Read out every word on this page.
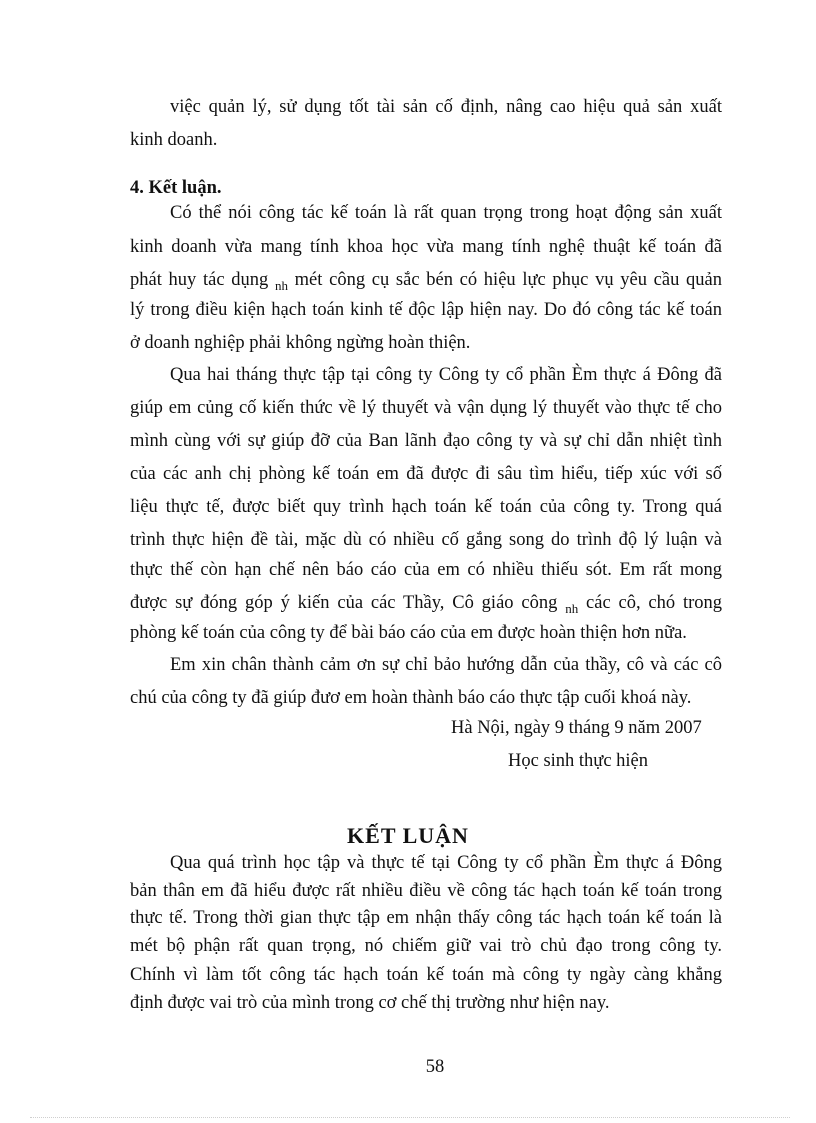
việc quản lý, sử dụng tốt tài sản cố định, nâng cao hiệu quả sản xuất
kinh doanh.
4. Kết luận.
Có thể nói công tác kế toán là rất quan trọng trong hoạt động sản xuất
kinh doanh vừa mang tính khoa học vừa mang tính nghệ thuật kế toán đã
phát huy tác dụng $_{nh}$ mét công cụ sắc bén có hiệu lực phục vụ yêu cầu quản
lý trong điều kiện hạch toán kinh tế độc lập hiện nay. Do đó công tác kế toán
ở doanh nghiệp phải không ngừng hoàn thiện.
Qua hai tháng thực tập tại công ty Công ty cổ phần Èm thực á Đông đã
giúp em củng cố kiến thức về lý thuyết và vận dụng lý thuyết vào thực tế cho
mình cùng với sự giúp đỡ của Ban lãnh đạo công ty và sự chỉ dẫn nhiệt tình
của các anh chị phòng kế toán em đã được đi sâu tìm hiểu, tiếp xúc với số
liệu thực tế, được biết quy trình hạch toán kế toán của công ty. Trong quá
trình thực hiện đề tài, mặc dù có nhiều cố gắng song do trình độ lý luận và
thực thế còn hạn chế nên báo cáo của em có nhiều thiếu sót. Em rất mong
được sự đóng góp ý kiến của các Thầy, Cô giáo công $_{nh}$ các cô, chó trong
phòng kế toán của công ty để bài báo cáo của em được hoàn thiện hơn nữa.
Em xin chân thành cảm ơn sự chỉ bảo hướng dẫn của thầy, cô và các cô
chú của công ty đã giúp đươ em hoàn thành báo cáo thực tập cuối khoá này.
Hà Nội, ngày 9 tháng 9 năm 2007
Học sinh thực hiện
KẾT LUẬN
Qua quá trình học tập và thực tế tại Công ty cổ phần Èm thực á Đông
bản thân em đã hiểu được rất nhiều điều về công tác hạch toán kế toán trong
thực tế. Trong thời gian thực tập em nhận thấy công tác hạch toán kế toán là
mét bộ phận rất quan trọng, nó chiếm giữ vai trò chủ đạo trong công ty.
Chính vì làm tốt công tác hạch toán kế toán mà công ty ngày càng khẳng
định được vai trò của mình trong cơ chế thị trường như hiện nay.
58
